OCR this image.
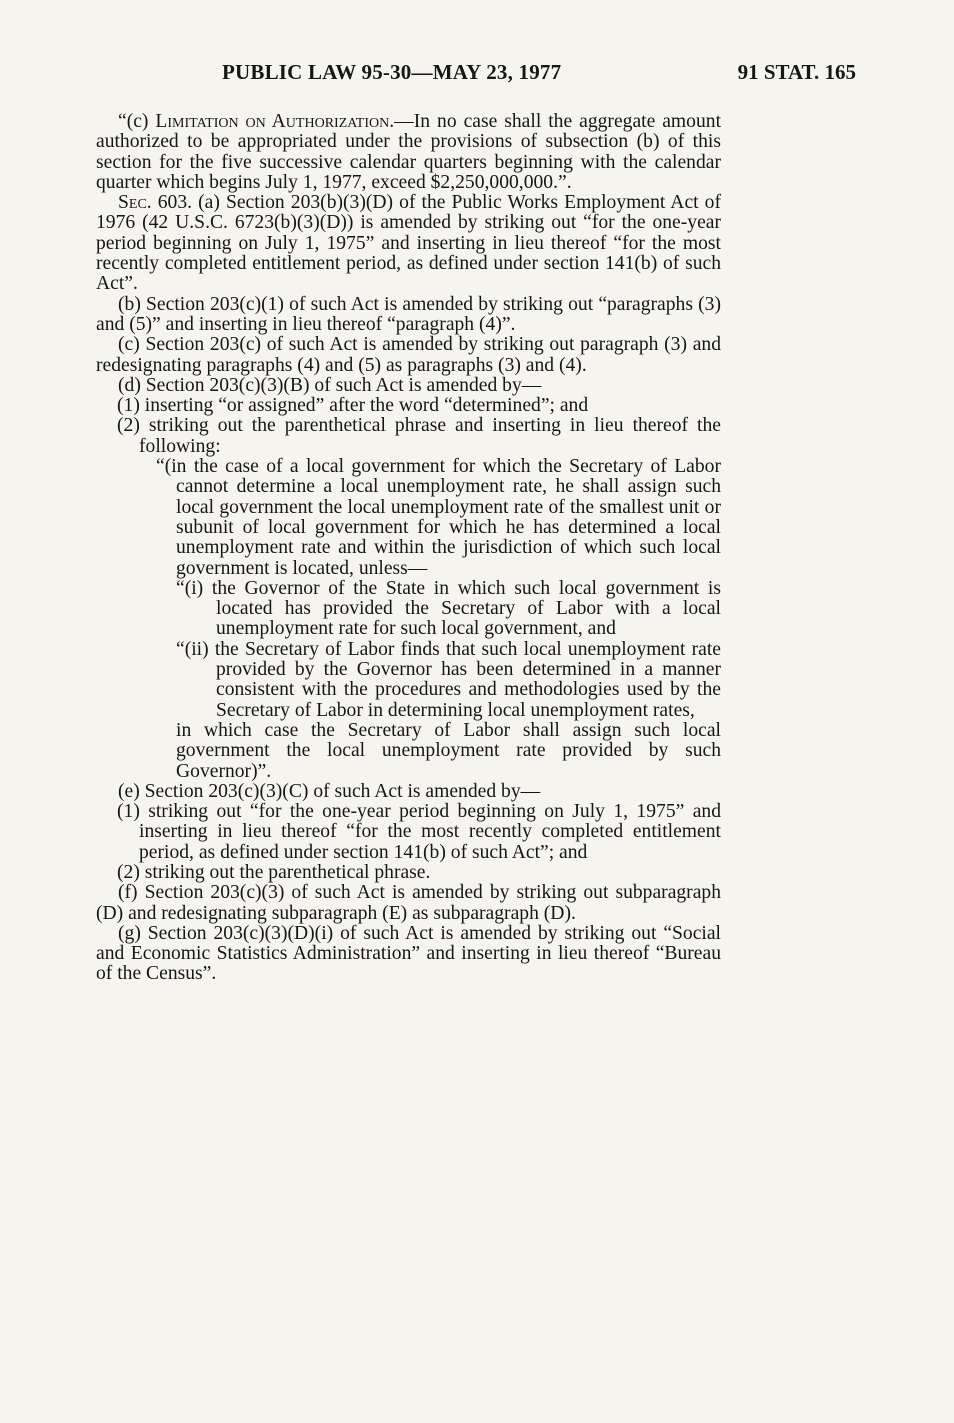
PUBLIC LAW 95-30—MAY 23, 1977	91 STAT. 165

“(c) Limitation on Authorization.—In no case shall the aggregate amount authorized to be appropriated under the provisions of subsection (b) of this section for the five successive calendar quarters beginning with the calendar quarter which begins July 1, 1977, exceed $2,250,000,000.”.

Sec. 603. (a) Section 203(b)(3)(D) of the Public Works Employment Act of 1976 (42 U.S.C. 6723(b)(3)(D)) is amended by striking out “for the one-year period beginning on July 1, 1975” and inserting in lieu thereof “for the most recently completed entitlement period, as defined under section 141(b) of such Act”.

(b) Section 203(c)(1) of such Act is amended by striking out “paragraphs (3) and (5)” and inserting in lieu thereof “paragraph (4)”.

(c) Section 203(c) of such Act is amended by striking out paragraph (3) and redesignating paragraphs (4) and (5) as paragraphs (3) and (4).

(d) Section 203(c)(3)(B) of such Act is amended by—

(1) inserting “or assigned” after the word “determined”; and

(2) striking out the parenthetical phrase and inserting in lieu thereof the following:

“(in the case of a local government for which the Secretary of Labor cannot determine a local unemployment rate, he shall assign such local government the local unemployment rate of the smallest unit or subunit of local government for which he has determined a local unemployment rate and within the jurisdiction of which such local government is located, unless—

“(i) the Governor of the State in which such local government is located has provided the Secretary of Labor with a local unemployment rate for such local government, and

“(ii) the Secretary of Labor finds that such local unemployment rate provided by the Governor has been determined in a manner consistent with the procedures and methodologies used by the Secretary of Labor in determining local unemployment rates,

in which case the Secretary of Labor shall assign such local government the local unemployment rate provided by such Governor)”.

(e) Section 203(c)(3)(C) of such Act is amended by—

(1) striking out “for the one-year period beginning on July 1, 1975” and inserting in lieu thereof “for the most recently completed entitlement period, as defined under section 141(b) of such Act”; and

(2) striking out the parenthetical phrase.

(f) Section 203(c)(3) of such Act is amended by striking out subparagraph (D) and redesignating subparagraph (E) as subparagraph (D).

(g) Section 203(c)(3)(D)(i) of such Act is amended by striking out “Social and Economic Statistics Administration” and inserting in lieu thereof “Bureau of the Census”.
